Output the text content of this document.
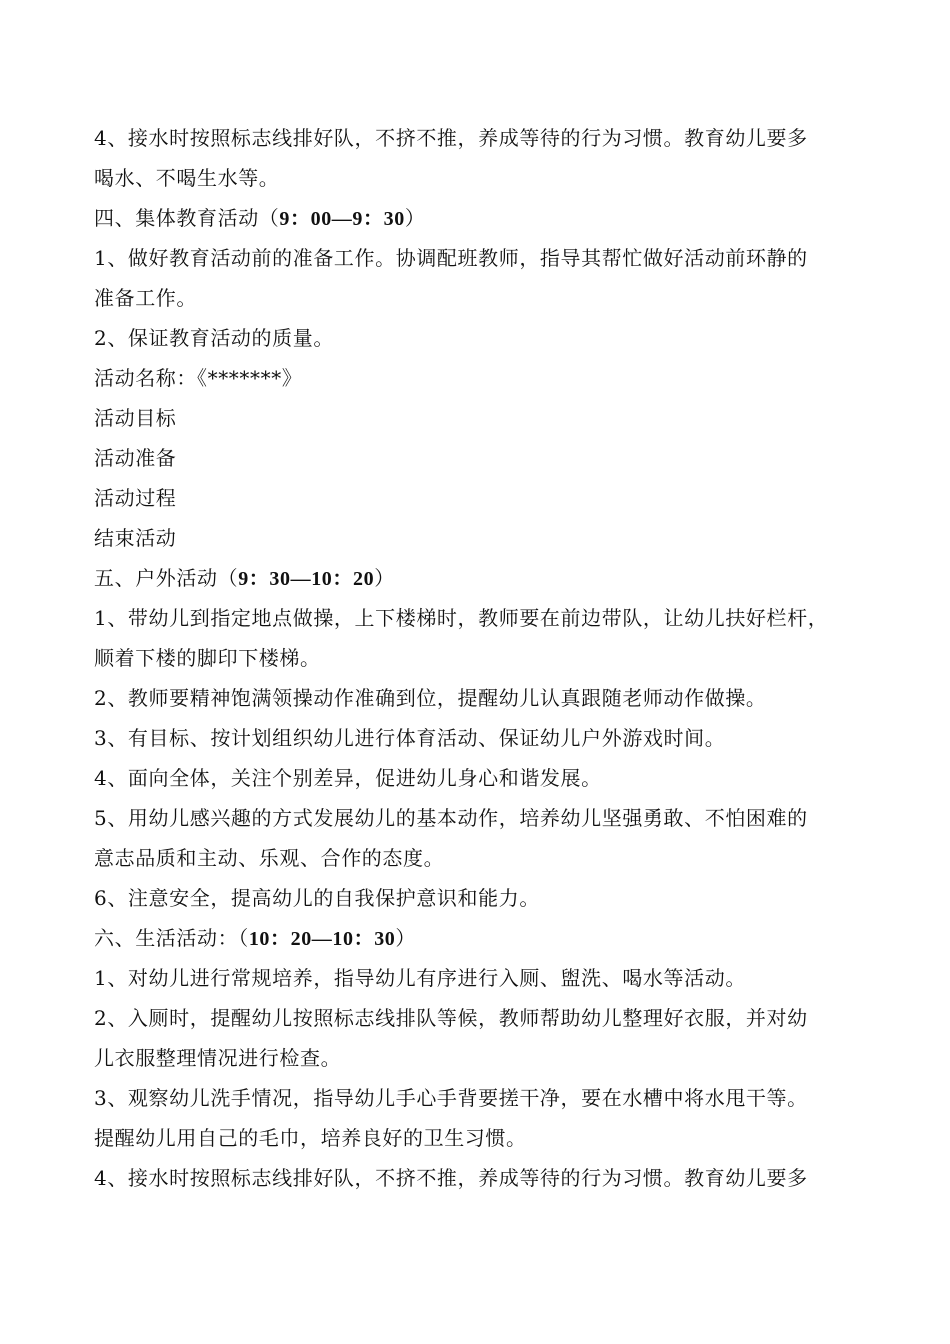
4、接水时按照标志线排好队，不挤不推，养成等待的行为习惯。教育幼儿要多
喝水、不喝生水等。
四、集体教育活动（9：00—9：30）
1、做好教育活动前的准备工作。协调配班教师，指导其帮忙做好活动前环静的
准备工作。
2、保证教育活动的质量。
活动名称：《*******》
活动目标
活动准备
活动过程
结束活动
五、户外活动（9：30—10：20）
1、带幼儿到指定地点做操，上下楼梯时，教师要在前边带队，让幼儿扶好栏杆，
顺着下楼的脚印下楼梯。
2、教师要精神饱满领操动作准确到位，提醒幼儿认真跟随老师动作做操。
3、有目标、按计划组织幼儿进行体育活动、保证幼儿户外游戏时间。
4、面向全体，关注个别差异，促进幼儿身心和谐发展。
5、用幼儿感兴趣的方式发展幼儿的基本动作，培养幼儿坚强勇敢、不怕困难的
意志品质和主动、乐观、合作的态度。
6、注意安全，提高幼儿的自我保护意识和能力。
六、生活活动：（10：20—10：30）
1、对幼儿进行常规培养，指导幼儿有序进行入厕、盥洗、喝水等活动。
2、入厕时，提醒幼儿按照标志线排队等候，教师帮助幼儿整理好衣服，并对幼
儿衣服整理情况进行检查。
3、观察幼儿洗手情况，指导幼儿手心手背要搓干净，要在水槽中将水甩干等。
提醒幼儿用自己的毛巾，培养良好的卫生习惯。
4、接水时按照标志线排好队，不挤不推，养成等待的行为习惯。教育幼儿要多
